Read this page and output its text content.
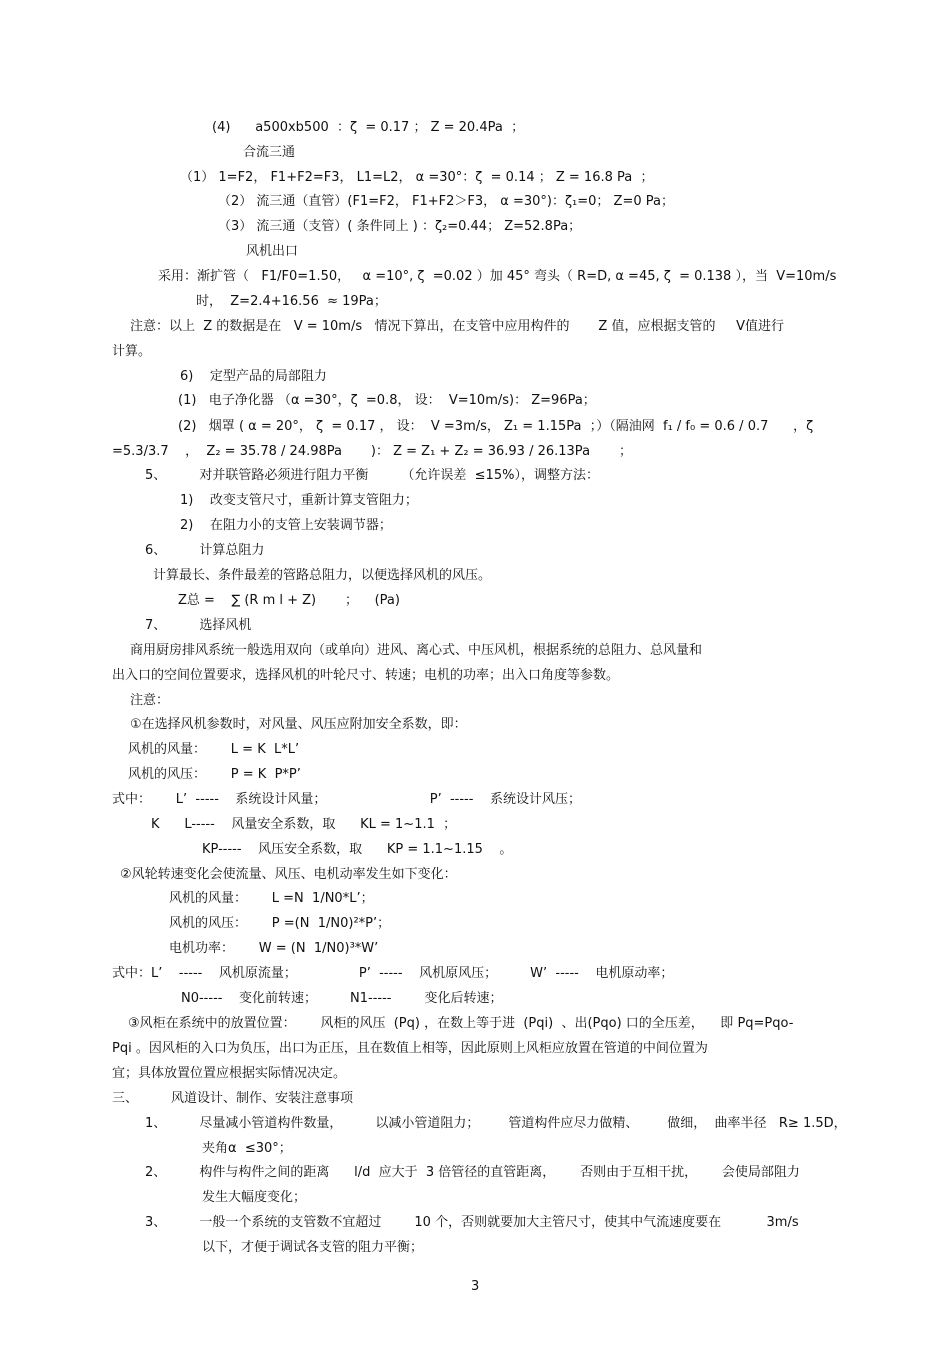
(4)      a500xb500  ：ζ  = 0.17 ； Z = 20.4Pa  ；

合流三通

（1） 1=F2， F1+F2=F3， L1=L2， α =30°：ζ  = 0.14 ； Z = 16.8 Pa  ；

（2） 流三通（直管）(F1=F2， F1+F2＞F3， α =30°)：ζ₁=0； Z=0 Pa；

（3） 流三通（支管）( 条件同上 ) ：ζ₂=0.44； Z=52.8Pa；

风机出口

采用：渐扩管（   F1/F0=1.50，   α =10°, ζ  =0.02 ）加 45° 弯头（ R=D, α =45, ζ  = 0.138 ），当  V=10m/s

时，  Z=2.4+16.56  ≈ 19Pa；

注意：以上  Z 的数据是在   V = 10m/s   情况下算出，在支管中应用构件的       Z 值，应根据支管的     V值进行

计算。

6)    定型产品的局部阻力

(1)   电子净化器 （α =30°，ζ  =0.8， 设：  V=10m/s)： Z=96Pa；

(2)   烟罩 ( α = 20°， ζ  = 0.17 ， 设：  V =3m/s， Z₁ = 1.15Pa  ；）（隔油网  f₁ / f₀ = 0.6 / 0.7      ，ζ

=5.3/3.7    ，  Z₂ = 35.78 / 24.98Pa       )： Z = Z₁ + Z₂ = 36.93 / 26.13Pa       ；

5、        对并联管路必须进行阻力平衡        （允许误差  ≤15%），调整方法：

1)    改变支管尺寸，重新计算支管阻力；

2)    在阻力小的支管上安装调节器；

6、        计算总阻力

计算最长、条件最差的管路总阻力，以便选择风机的风压。

Z总 =    ∑ (R m l + Z)       ；    (Pa)

7、        选择风机

商用厨房排风系统一般选用双向（或单向）进风、离心式、中压风机，根据系统的总阻力、总风量和

出入口的空间位置要求，选择风机的叶轮尺寸、转速；电机的功率；出入口角度等参数。

注意：

①在选择风机参数时，对风量、风压应附加安全系数，即：

风机的风量：      L = K  L*L’

风机的风压：      P = K  P*P’

式中：      L’  -----    系统设计风量；                         P’  -----    系统设计风压；

K      L-----    风量安全系数，取      KL = 1~1.1  ；

KP-----    风压安全系数，取      KP = 1.1~1.15    。

②风轮转速变化会使流量、风压、电机动率发生如下变化：

风机的风量：      L =N  1/N0*L’；

风机的风压：      P =(N  1/N0)²*P’；

电机功率：      W = (N  1/N0)³*W’

式中：L’    -----    风机原流量；               P’  -----    风机原风压；        W’  -----    电机原动率；

N0-----    变化前转速；        N1-----        变化后转速；

③风柜在系统中的放置位置：      风柜的风压  (Pq) ，在数上等于进  (Pqi)  、出(Pqo) 口的全压差，    即 Pq=Pqo-

Pqi 。因风柜的入口为负压，出口为正压，且在数值上相等，因此原则上风柜应放置在管道的中间位置为

宜；具体放置位置应根据实际情况决定。

三、        风道设计、制作、安装注意事项

1、        尽量减小管道构件数量，        以减小管道阻力；       管道构件应尽力做精、       做细，  曲率半径   R≥ 1.5D，

夹角α  ≤30°；

2、        构件与构件之间的距离      l/d  应大于  3 倍管径的直管距离，      否则由于互相干扰，      会使局部阻力

发生大幅度变化；

3、        一般一个系统的支管数不宜超过        10 个，否则就要加大主管尺寸，使其中气流速度要在           3m/s

以下，才便于调试各支管的阻力平衡；

3
